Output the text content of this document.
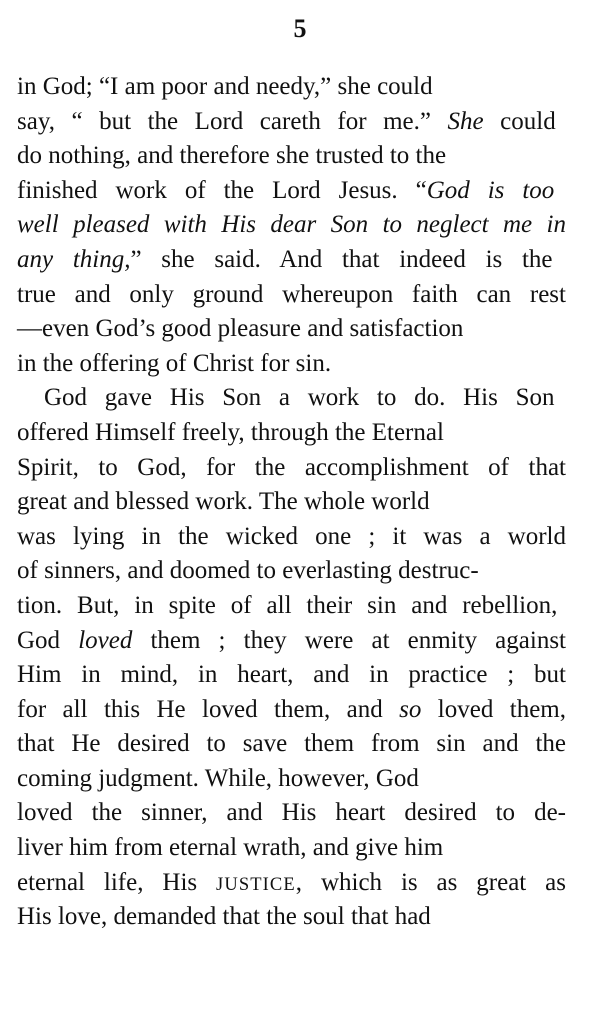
5
in God; “I am poor and needy,” she could
say, “ but the Lord careth for me.” She could
do nothing, and therefore she trusted to the
finished work of the Lord Jesus. “God is too
well pleased with His dear Son to neglect me in
any thing,” she said. And that indeed is the
true and only ground whereupon faith can rest
—even God’s good pleasure and satisfaction
in the offering of Christ for sin.
God gave His Son a work to do. His Son
offered Himself freely, through the Eternal
Spirit, to God, for the accomplishment of that
great and blessed work. The whole world
was lying in the wicked one ; it was a world
of sinners, and doomed to everlasting destruc-
tion. But, in spite of all their sin and rebellion,
God loved them ; they were at enmity against
Him in mind, in heart, and in practice ; but
for all this He loved them, and so loved them,
that He desired to save them from sin and the
coming judgment. While, however, God
loved the sinner, and His heart desired to de-
liver him from eternal wrath, and give him
eternal life, His JUSTICE, which is as great as
His love, demanded that the soul that had
